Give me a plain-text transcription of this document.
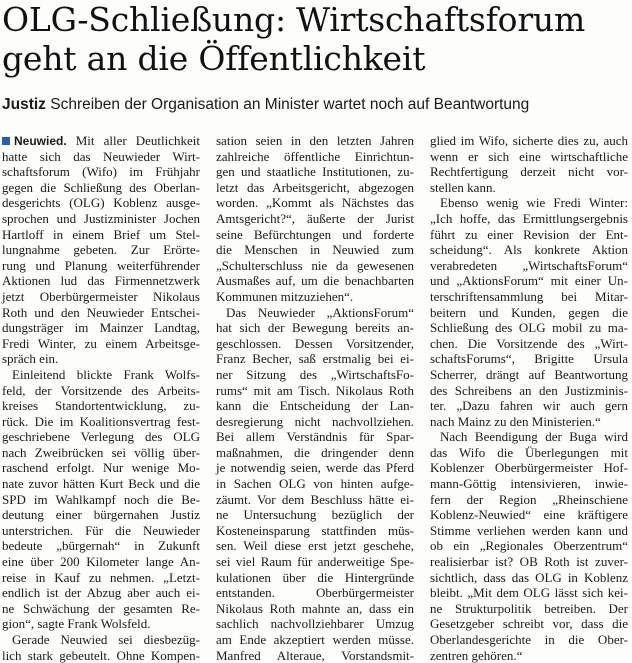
OLG-Schließung: Wirtschaftsforum
geht an die Öffentlichkeit
Justiz Schreiben der Organisation an Minister wartet noch auf Beantwortung
Neuwied. Mit aller Deutlichkeit
hatte sich das Neuwieder Wirt-
schaftsforum (Wifo) im Frühjahr
gegen die Schließung des Oberlan-
desgerichts (OLG) Koblenz ausge-
sprochen und Justizminister Jochen
Hartloff in einem Brief um Stel-
lungnahme gebeten. Zur Erörte-
rung und Planung weiterführender
Aktionen lud das Firmennetzwerk
jetzt Oberbürgermeister Nikolaus
Roth und den Neuwieder Entschei-
dungsträger im Mainzer Landtag,
Fredi Winter, zu einem Arbeitsge-
spräch ein.
Einleitend blickte Frank Wolfs-
feld, der Vorsitzende des Arbeits-
kreises Standortentwicklung, zu-
rück. Die im Koalitionsvertrag fest-
geschriebene Verlegung des OLG
nach Zweibrücken sei völlig über-
raschend erfolgt. Nur wenige Mo-
nate zuvor hätten Kurt Beck und die
SPD im Wahlkampf noch die Be-
deutung einer bürgernahen Justiz
unterstrichen. Für die Neuwieder
bedeute „bürgernah“ in Zukunft
eine über 200 Kilometer lange An-
reise in Kauf zu nehmen. „Letzt-
endlich ist der Abzug aber auch ei-
ne Schwächung der gesamten Re-
gion“, sagte Frank Wolsfeld.
Gerade Neuwied sei diesbezüg-
lich stark gebeutelt. Ohne Kompen-
sation seien in den letzten Jahren
zahlreiche öffentliche Einrichtun-
gen und staatliche Institutionen, zu-
letzt das Arbeitsgericht, abgezogen
worden. „Kommt als Nächstes das
Amtsgericht?“, äußerte der Jurist
seine Befürchtungen und forderte
die Menschen in Neuwied zum
„Schulterschluss nie da gewesenen
Ausmaßes auf, um die benachbarten
Kommunen mitzuziehen“.
Das Neuwieder „AktionsForum“
hat sich der Bewegung bereits an-
geschlossen. Dessen Vorsitzender,
Franz Becher, saß erstmalig bei ei-
ner Sitzung des „WirtschaftsFo-
rums“ mit am Tisch. Nikolaus Roth
kann die Entscheidung der Lan-
desregierung nicht nachvollziehen.
Bei allem Verständnis für Spar-
maßnahmen, die dringender denn
je notwendig seien, werde das Pferd
in Sachen OLG von hinten aufge-
zäumt. Vor dem Beschluss hätte ei-
ne Untersuchung bezüglich der
Kosteneinsparung stattfinden müs-
sen. Weil diese erst jetzt geschehe,
sei viel Raum für anderweitige Spe-
kulationen über die Hintergründe
entstanden. Oberbürgermeister
Nikolaus Roth mahnte an, dass ein
sachlich nachvollziehbarer Umzug
am Ende akzeptiert werden müsse.
Manfred Alteraue, Vorstandsmit-
glied im Wifo, sicherte dies zu, auch
wenn er sich eine wirtschaftliche
Rechtfertigung derzeit nicht vor-
stellen kann.
Ebenso wenig wie Fredi Winter:
„Ich hoffe, das Ermittlungsergebnis
führt zu einer Revision der Ent-
scheidung“. Als konkrete Aktion
verabredeten „WirtschaftsForum“
und „AktionsForum“ mit einer Un-
terschriftensammlung bei Mitar-
beitern und Kunden, gegen die
Schließung des OLG mobil zu ma-
chen. Die Vorsitzende des „Wirt-
schaftsForums“, Brigitte Ursula
Scherrer, drängt auf Beantwortung
des Schreibens an den Justizminis-
ter. „Dazu fahren wir auch gern
nach Mainz zu den Ministerien.“
Nach Beendigung der Buga wird
das Wifo die Überlegungen mit
Koblenzer Oberbürgermeister Hof-
mann-Göttig intensivieren, inwie-
fern der Region „Rheinschiene
Koblenz-Neuwied“ eine kräftigere
Stimme verliehen werden kann und
ob ein „Regionales Oberzentrum“
realisierbar ist? OB Roth ist zuver-
sichtlich, dass das OLG in Koblenz
bleibt. „Mit dem OLG lässt sich kei-
ne Strukturpolitik betreiben. Der
Gesetzgeber schreibt vor, dass die
Oberlandesgerichte in die Ober-
zentren gehören.“
